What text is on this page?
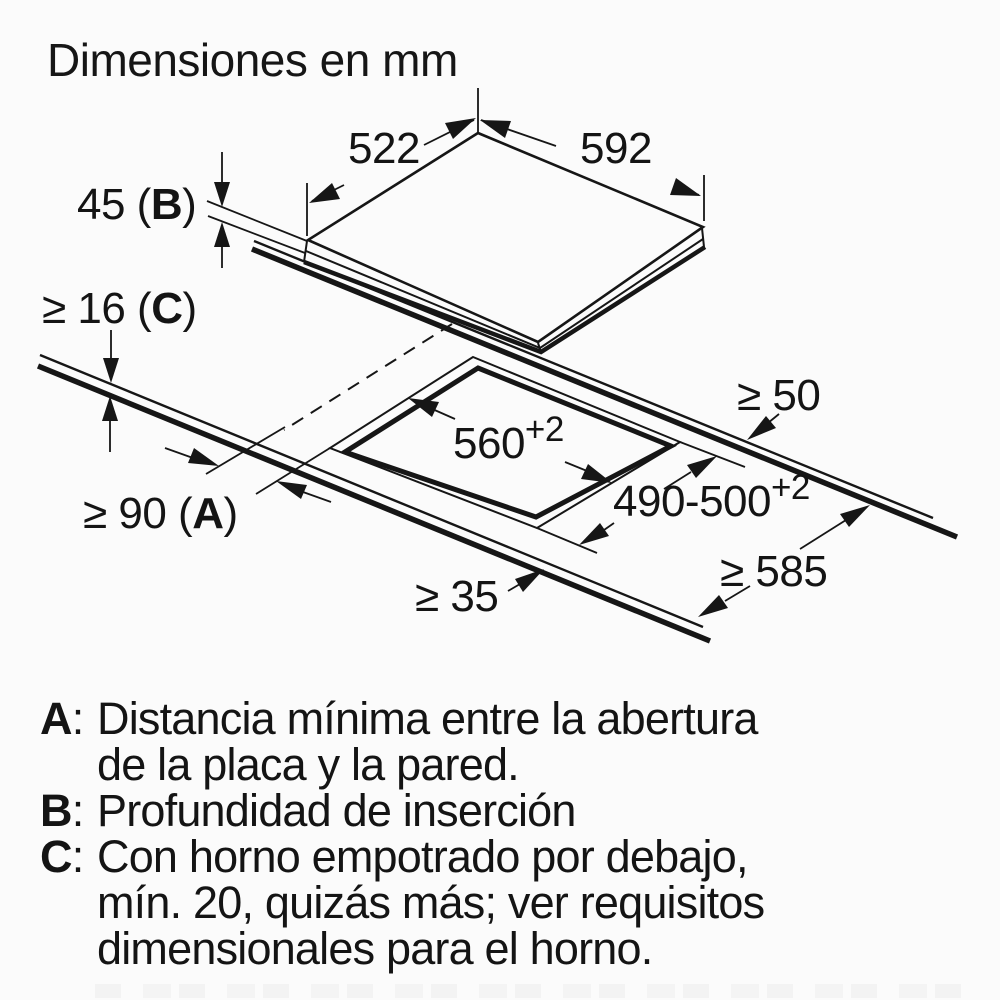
Dimensiones en mm
522	592
45 (B)
≥ 16 (C)
≥ 90 (A)
$560^{+2}$
$490-500^{+2}$
≥ 50
≥ 585
≥ 35
A: Distancia mínima entre la abertura
de la placa y la pared.
B: Profundidad de inserción
C: Con horno empotrado por debajo,
mín. 20, quizás más; ver requisitos
dimensionales para el horno.
